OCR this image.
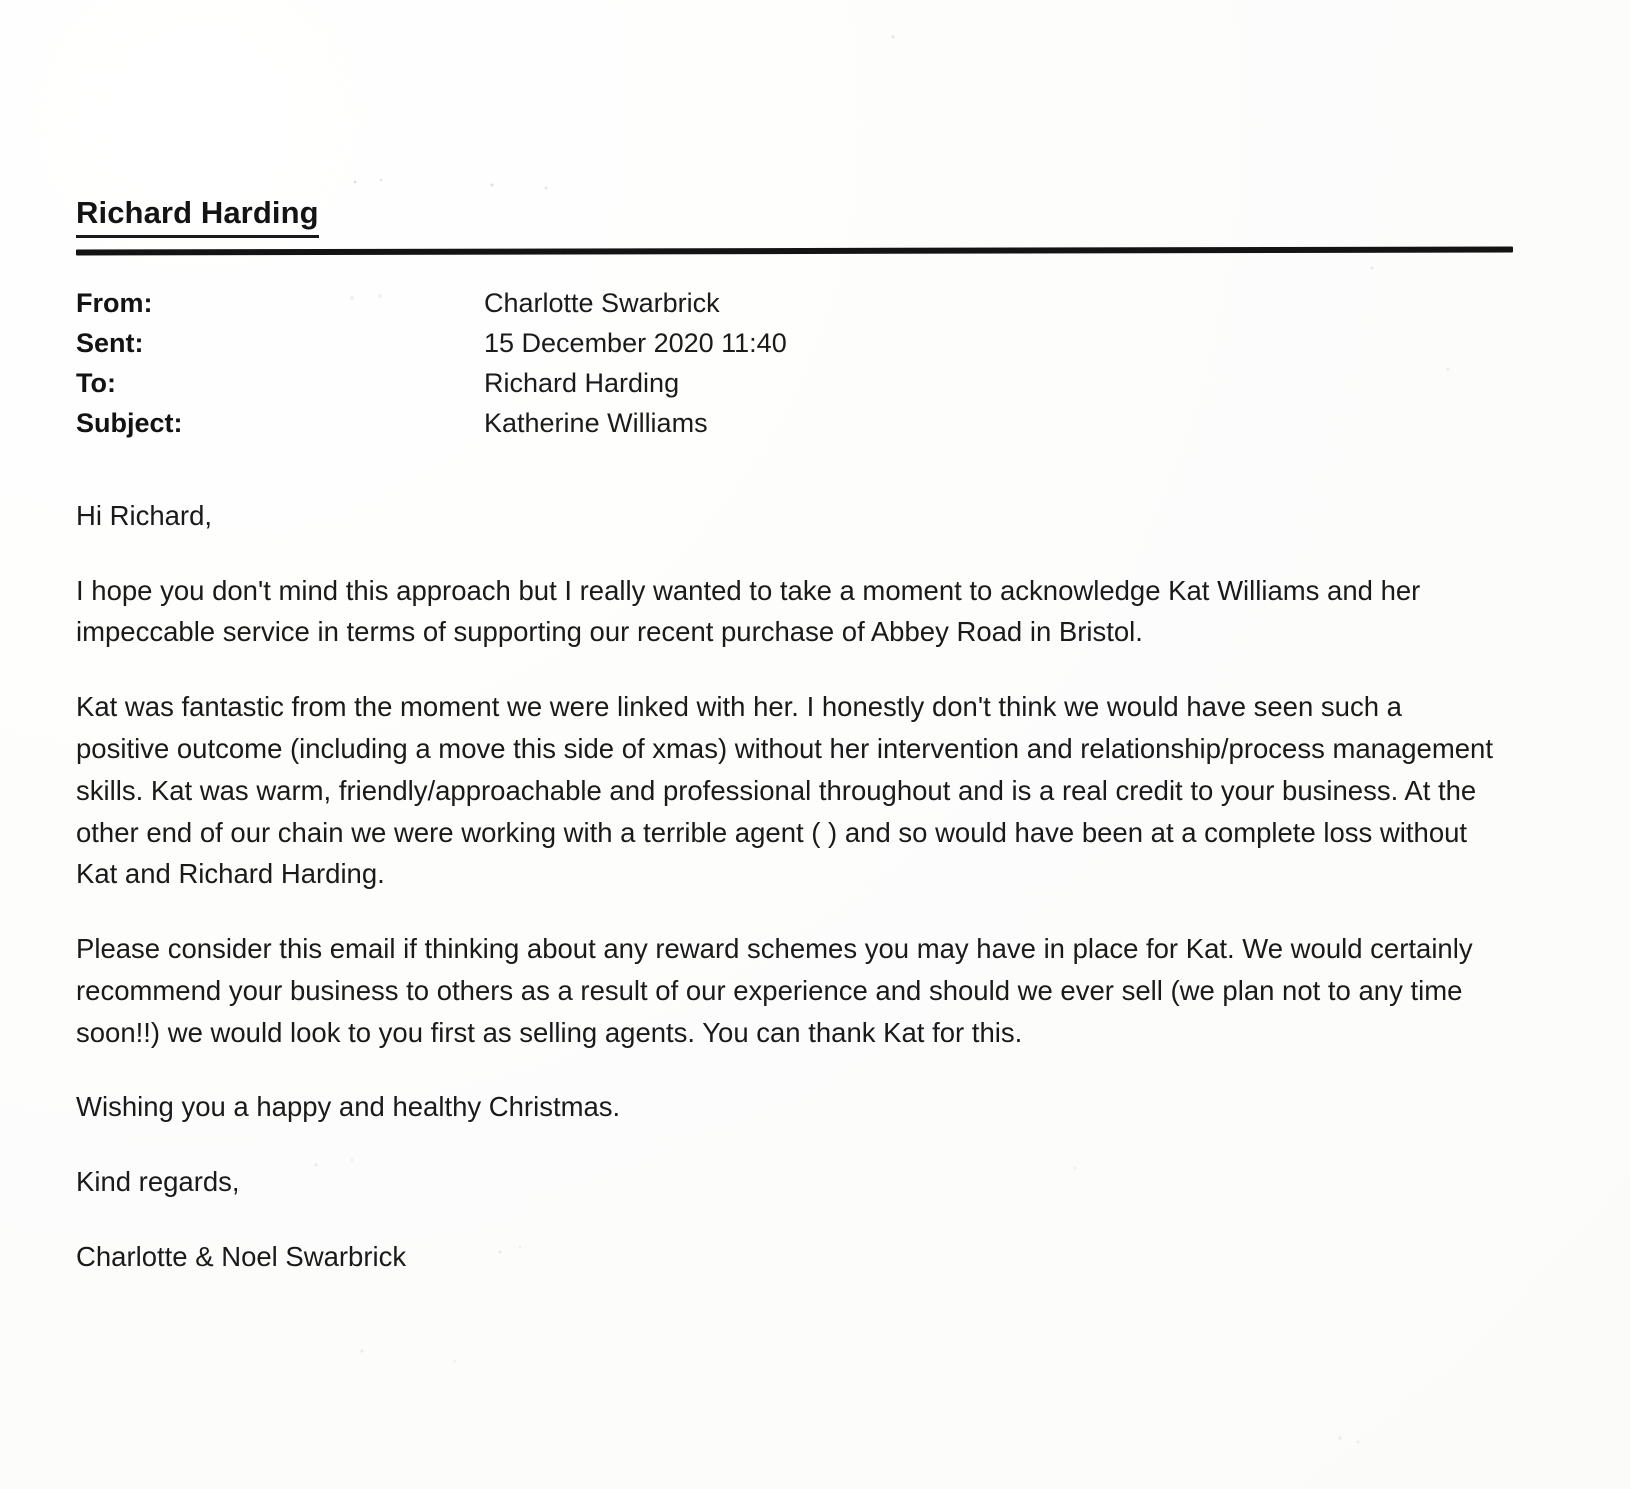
Richard Harding
From:	Charlotte Swarbrick
Sent:	15 December 2020 11:40
To:	Richard Harding
Subject:	Katherine Williams

Hi Richard,

I hope you don't mind this approach but I really wanted to take a moment to acknowledge Kat Williams and her impeccable service in terms of supporting our recent purchase of Abbey Road in Bristol.

Kat was fantastic from the moment we were linked with her. I honestly don't think we would have seen such a positive outcome (including a move this side of xmas) without her intervention and relationship/process management skills. Kat was warm, friendly/approachable and professional throughout and is a real credit to your business. At the other end of our chain we were working with a terrible agent ( ) and so would have been at a complete loss without Kat and Richard Harding.

Please consider this email if thinking about any reward schemes you may have in place for Kat. We would certainly recommend your business to others as a result of our experience and should we ever sell (we plan not to any time soon!!) we would look to you first as selling agents. You can thank Kat for this.

Wishing you a happy and healthy Christmas.

Kind regards,

Charlotte & Noel Swarbrick
